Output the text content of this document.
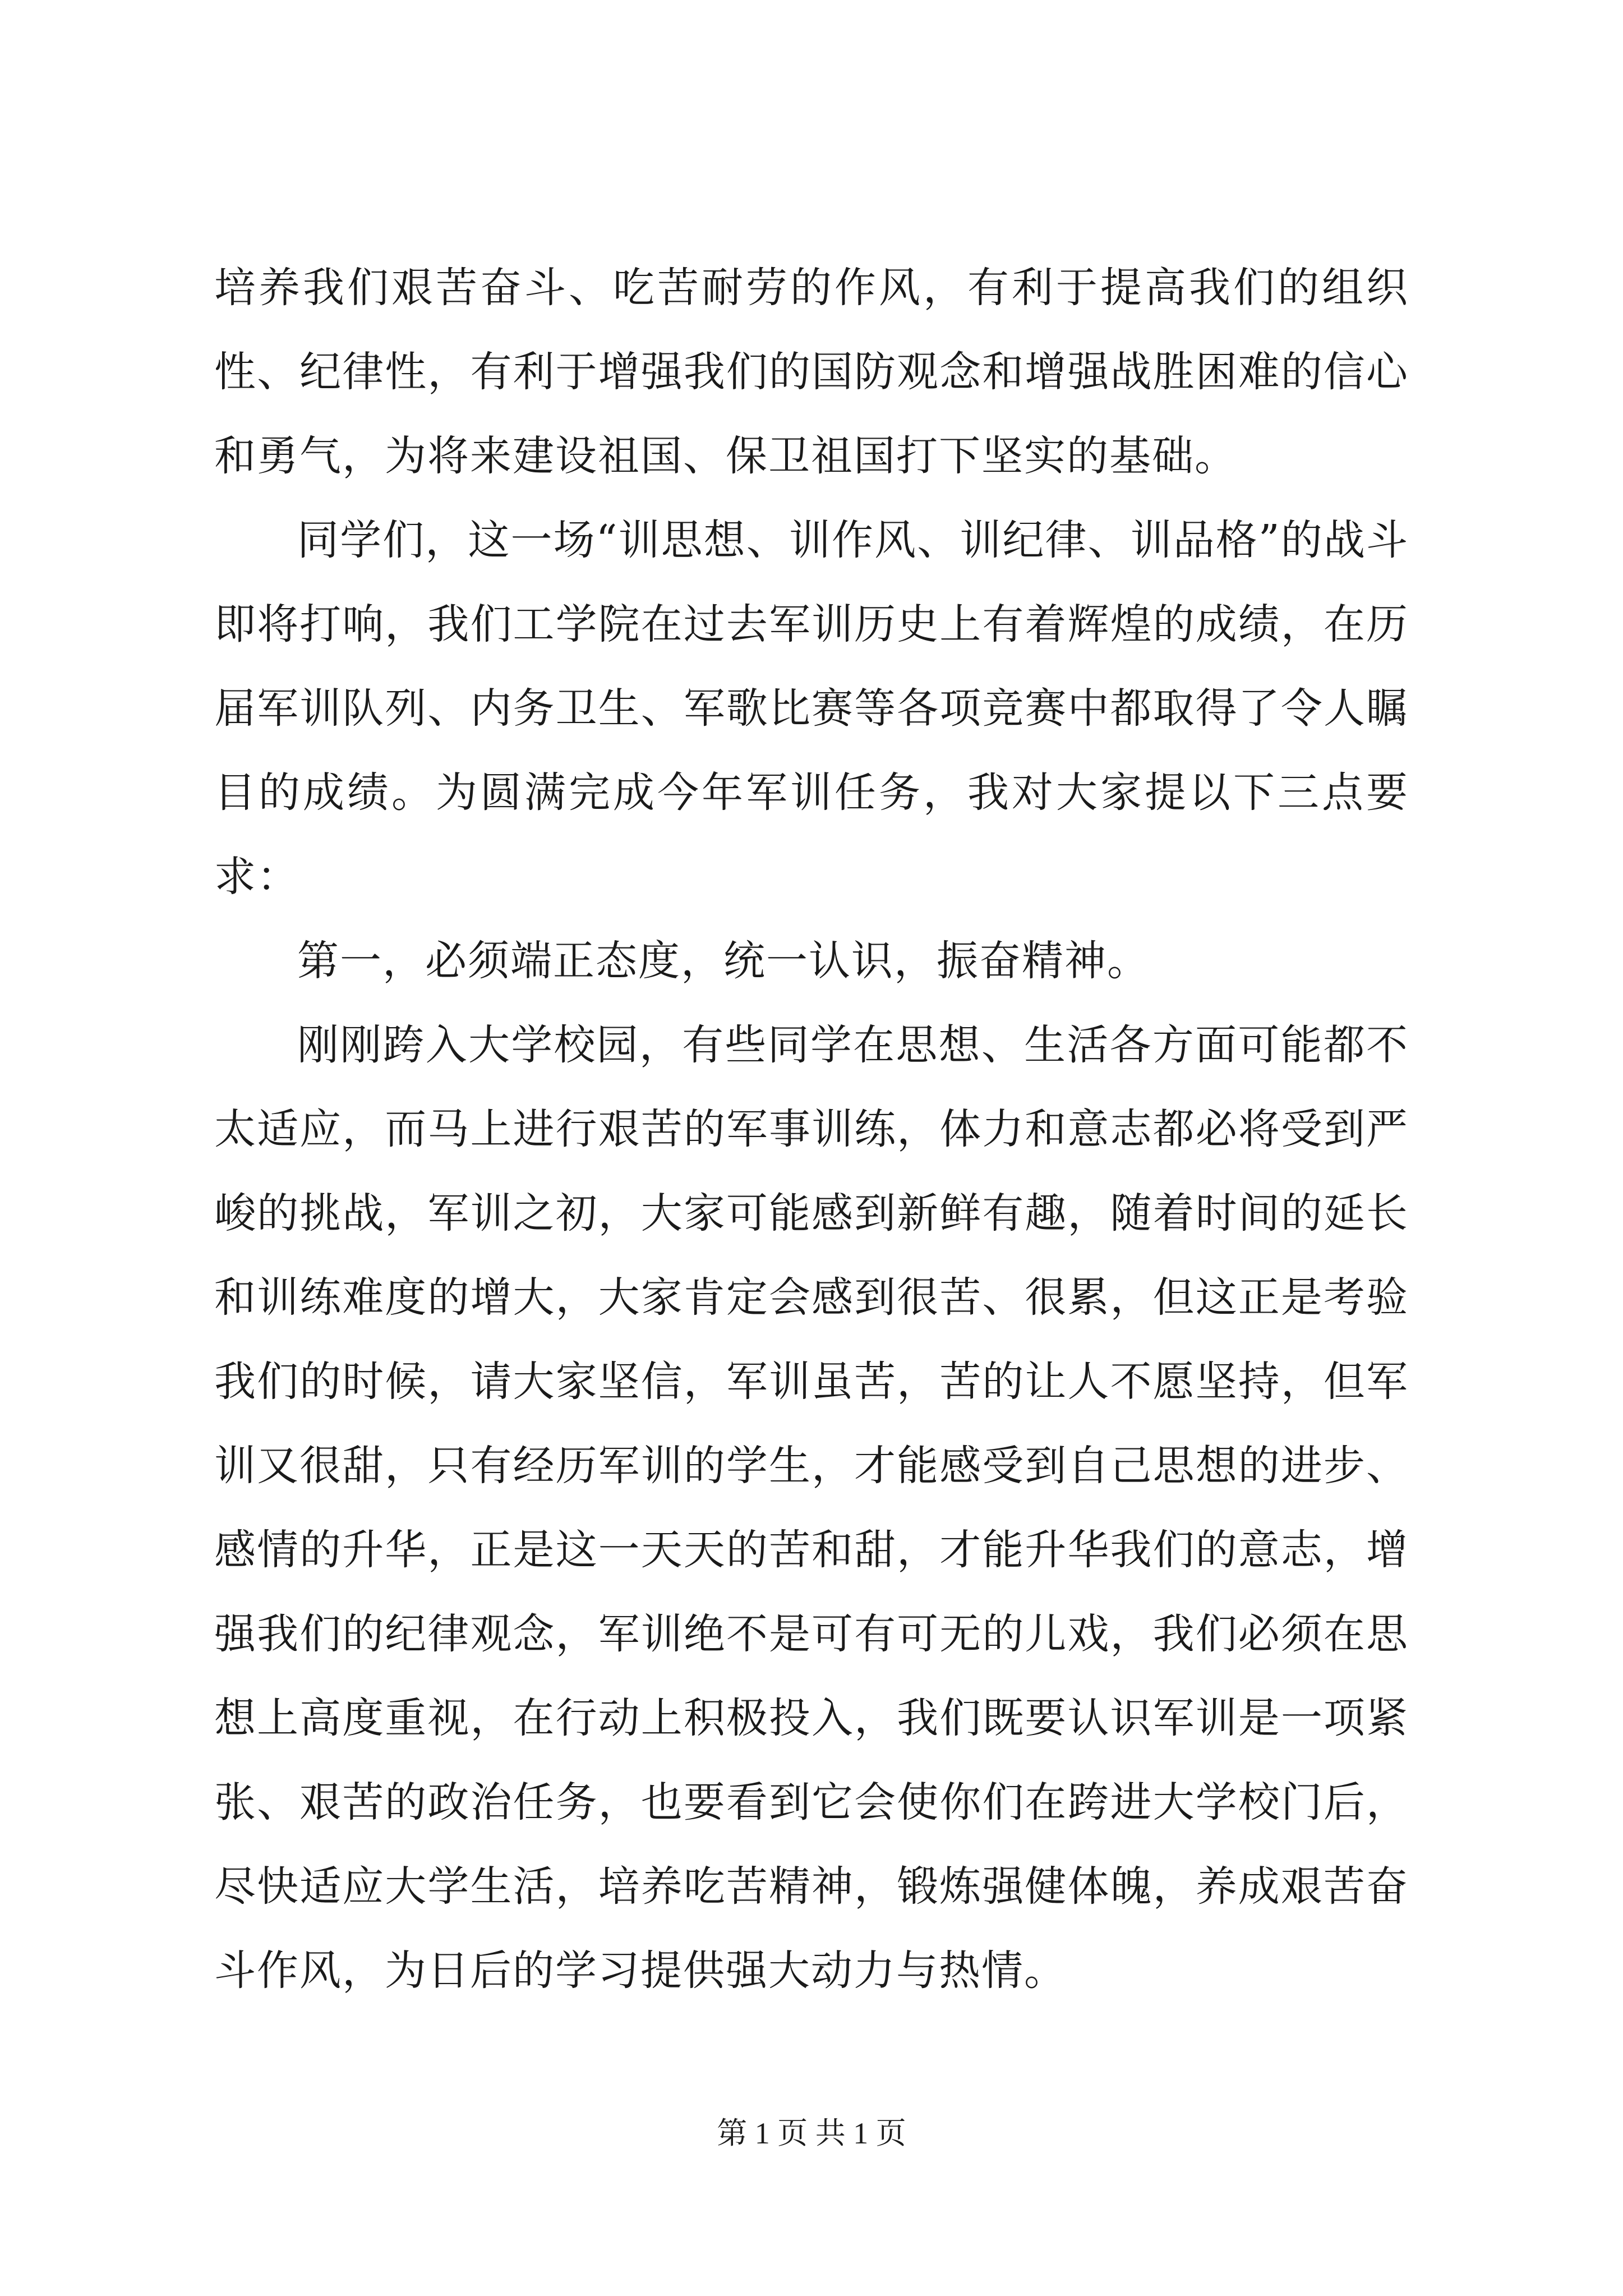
培养我们艰苦奋斗、吃苦耐劳的作风，有利于提高我们的组织性、纪律性，有利于增强我们的国防观念和增强战胜困难的信心和勇气，为将来建设祖国、保卫祖国打下坚实的基础。

同学们，这一场“训思想、训作风、训纪律、训品格”的战斗即将打响，我们工学院在过去军训历史上有着辉煌的成绩，在历届军训队列、内务卫生、军歌比赛等各项竞赛中都取得了令人瞩目的成绩。为圆满完成今年军训任务，我对大家提以下三点要求：

第一，必须端正态度，统一认识，振奋精神。

刚刚跨入大学校园，有些同学在思想、生活各方面可能都不太适应，而马上进行艰苦的军事训练，体力和意志都必将受到严峻的挑战，军训之初，大家可能感到新鲜有趣，随着时间的延长和训练难度的增大，大家肯定会感到很苦、很累，但这正是考验我们的时候，请大家坚信，军训虽苦，苦的让人不愿坚持，但军训又很甜，只有经历军训的学生，才能感受到自己思想的进步、感情的升华，正是这一天天的苦和甜，才能升华我们的意志，增强我们的纪律观念，军训绝不是可有可无的儿戏，我们必须在思想上高度重视，在行动上积极投入，我们既要认识军训是一项紧张、艰苦的政治任务，也要看到它会使你们在跨进大学校门后，尽快适应大学生活，培养吃苦精神，锻炼强健体魄，养成艰苦奋斗作风，为日后的学习提供强大动力与热情。

第 1 页 共 1 页
